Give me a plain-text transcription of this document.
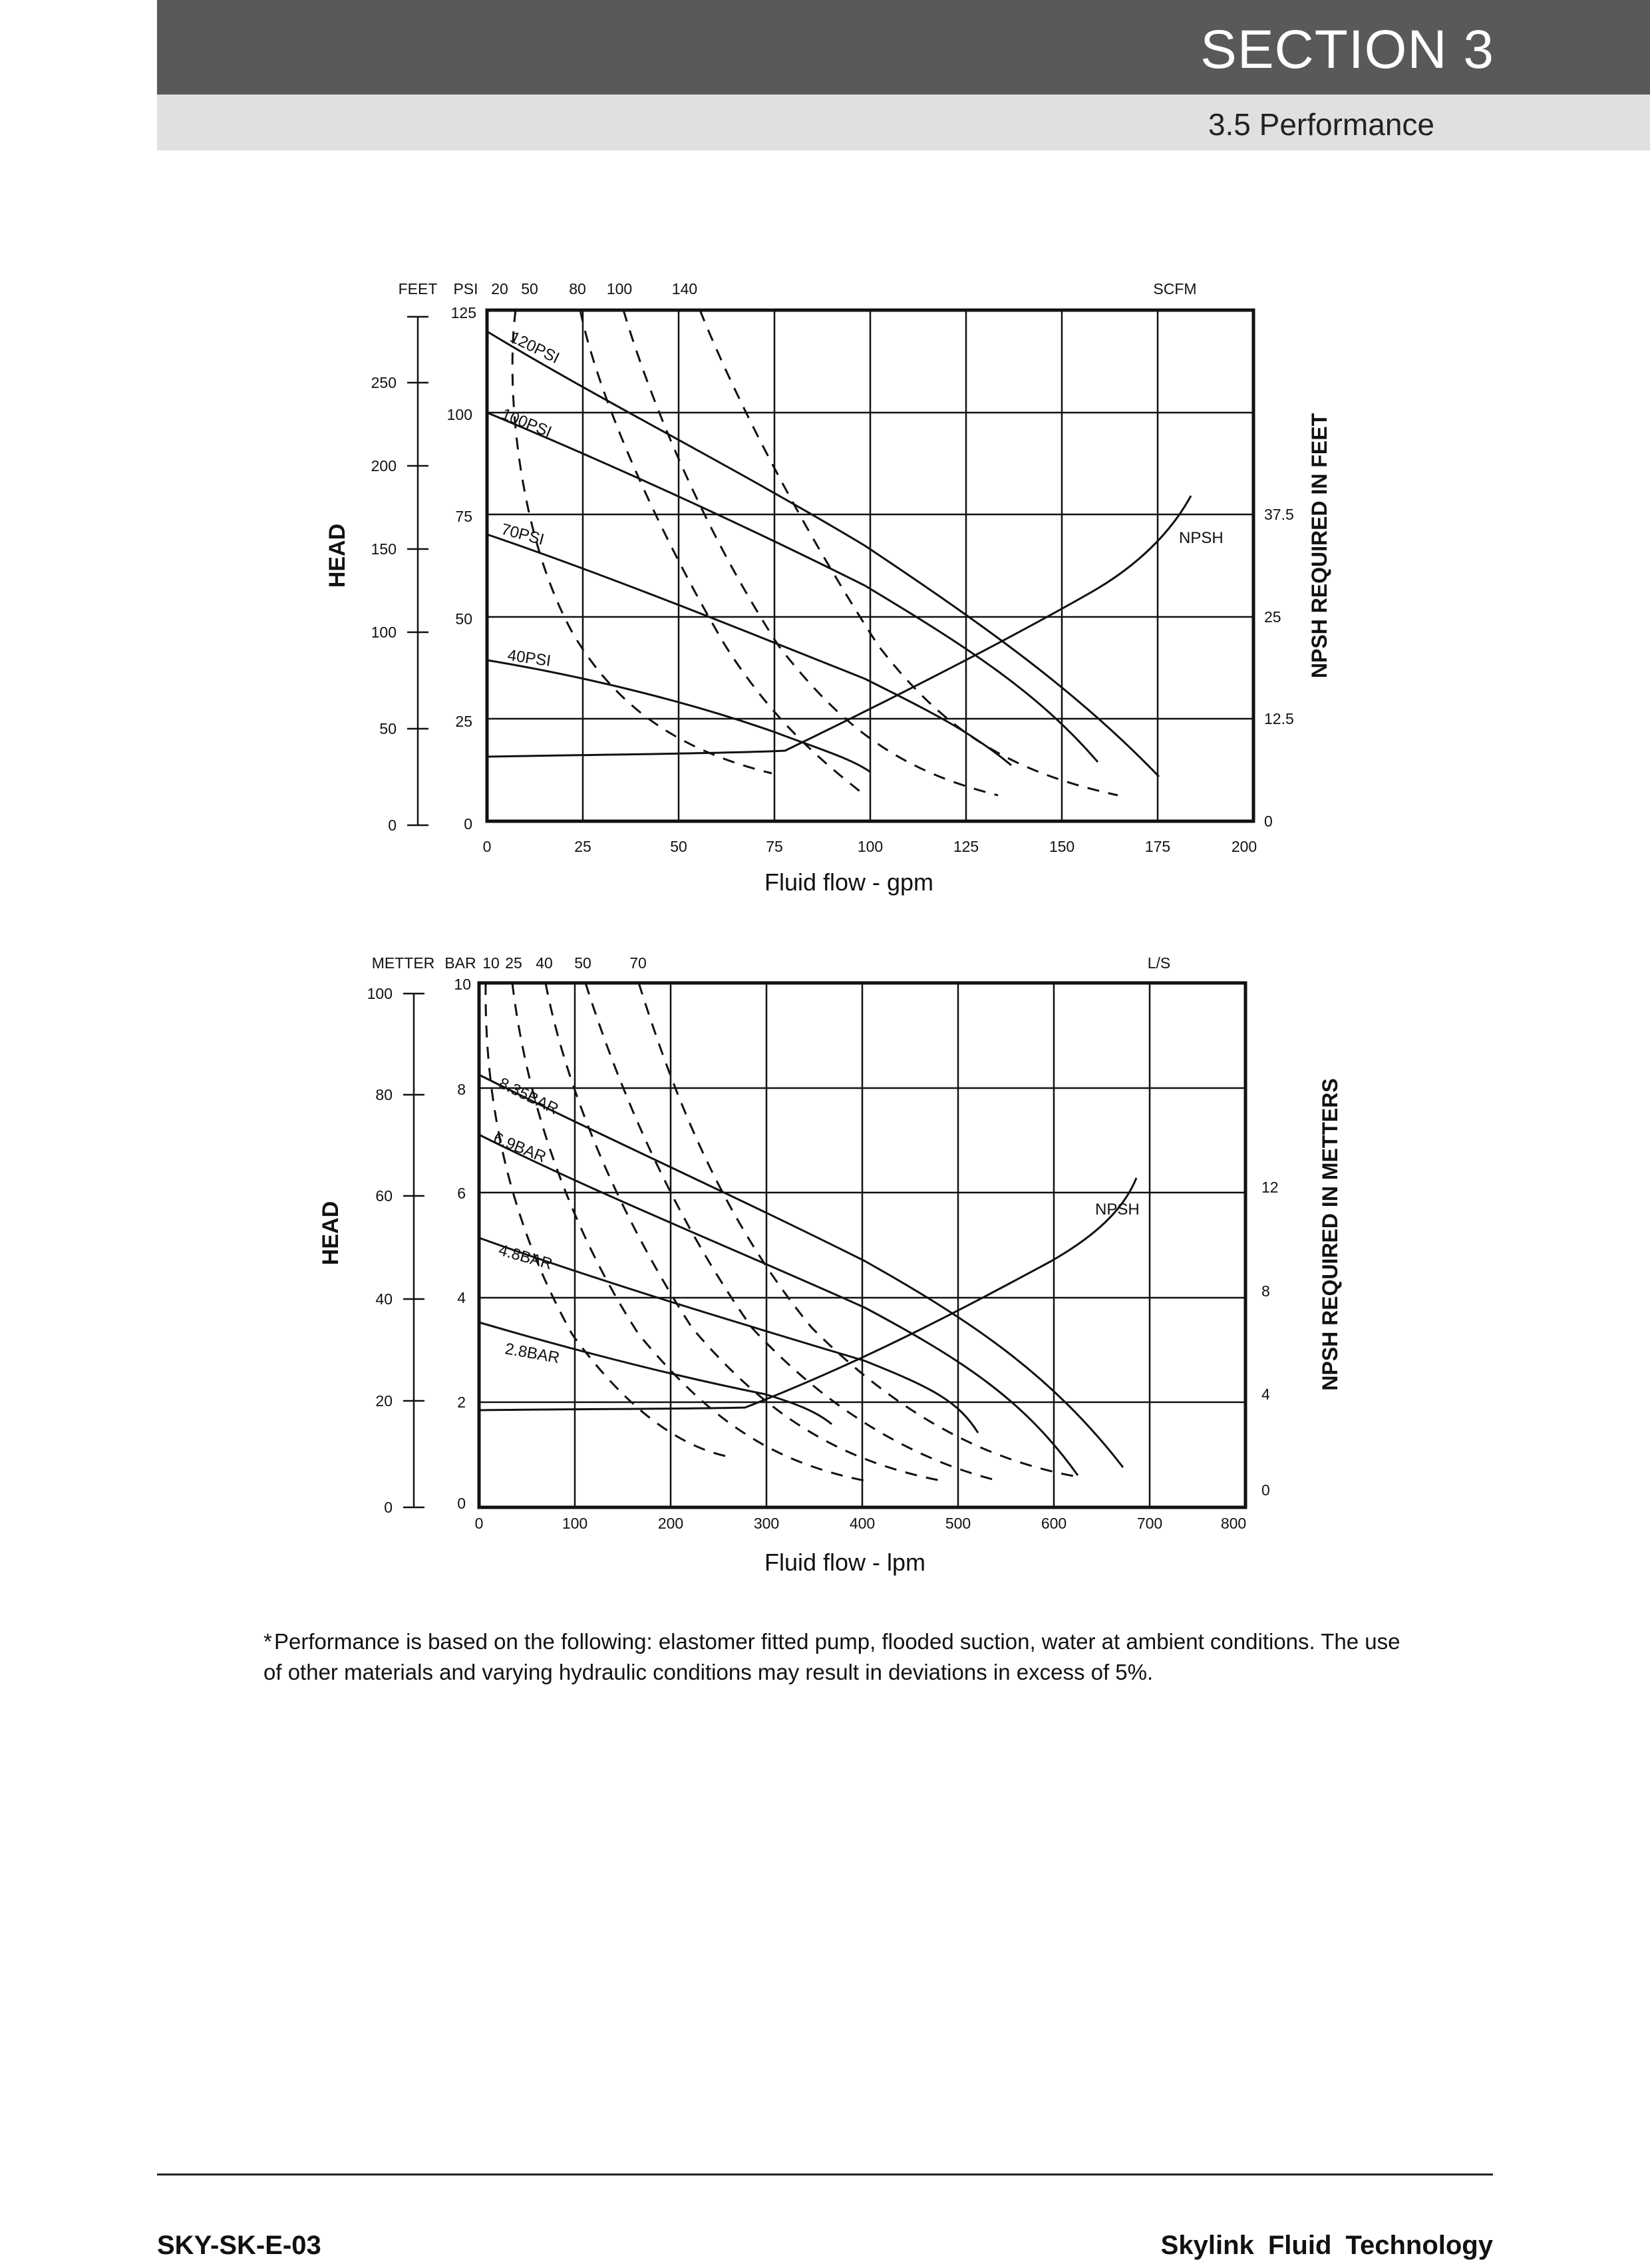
SECTION 3
3.5 Performance
FEET PSI 20 50 80 100	140	SCFM
0
50
100
150
200
250
0
25
50
75
100
125
0
12.5
25
37.5
0	25	50	75	100	125	150	175	200
Fluid flow - gpm
HEAD	NPSH REQUIRED IN FEET
120PSI
100PSI
70PSI
40PSI
NPSH
METTER BAR 10 25 40 50 70	L/S
0
20
40
60
80
100
0
2
4
6
8
10
0
4
8
12
0	100	200	300	400	500	600	700	800
Fluid flow - lpm
HEAD	NPSH REQUIRED IN METTERS
8.35BAR
6.9BAR
4.8BAR
2.8BAR
NPSH
*Performance is based on the following: elastomer fitted pump, flooded suction, water at ambient conditions. The use of other materials and varying hydraulic conditions may result in deviations in excess of 5%.

SKY-SK-E-03	Skylink Fluid Technology
